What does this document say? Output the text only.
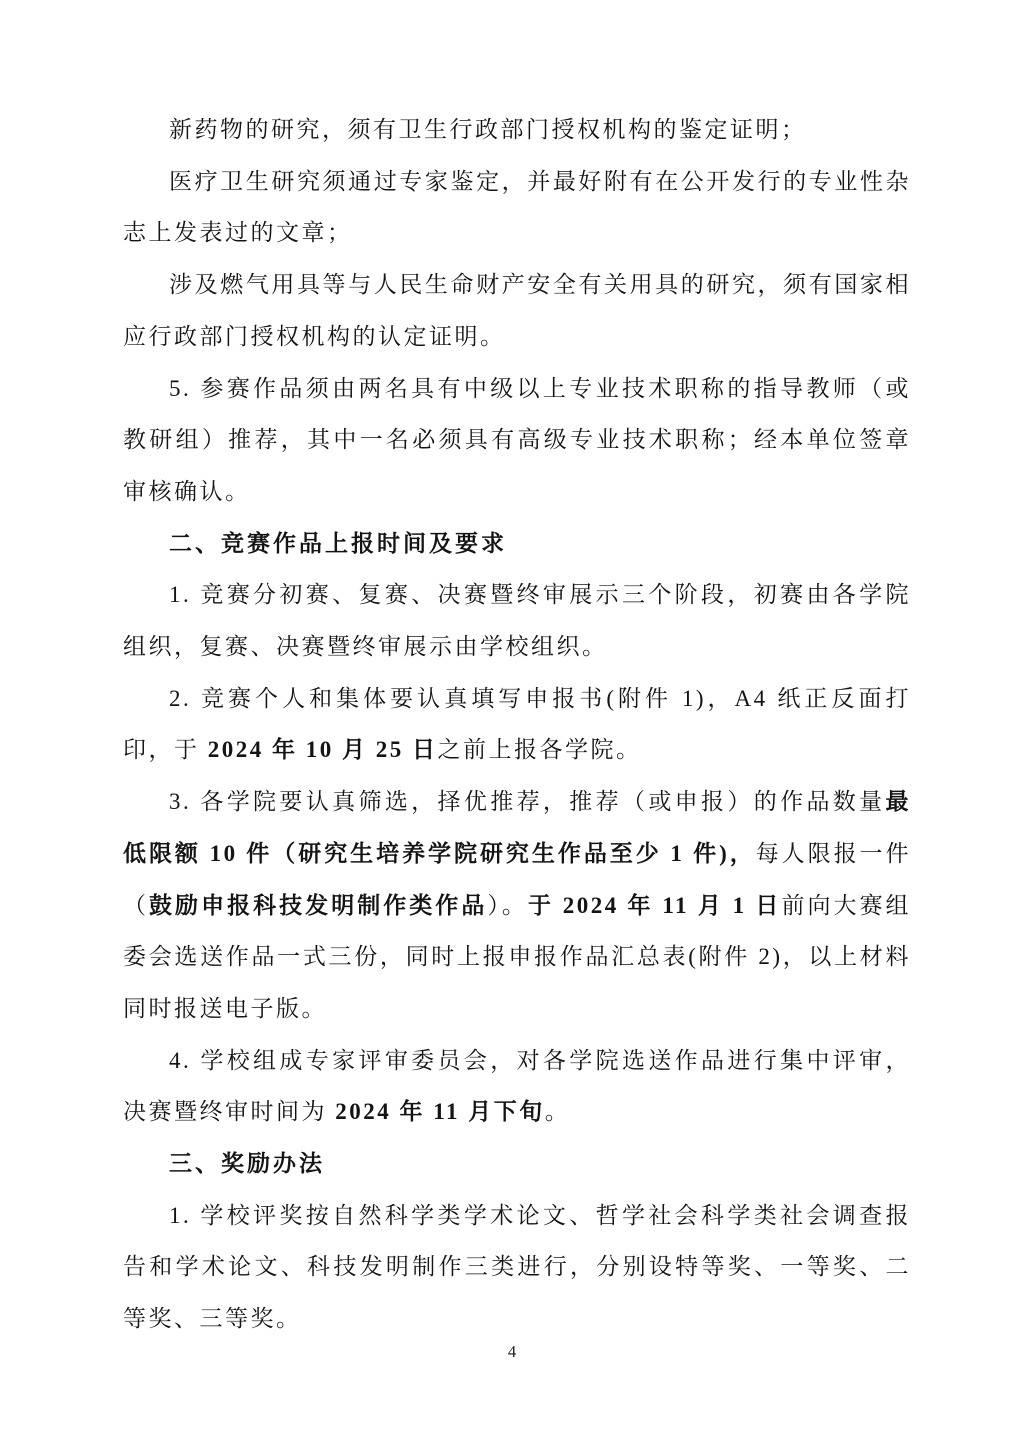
新药物的研究，须有卫生行政部门授权机构的鉴定证明；

医疗卫生研究须通过专家鉴定，并最好附有在公开发行的专业性杂志上发表过的文章；

涉及燃气用具等与人民生命财产安全有关用具的研究，须有国家相应行政部门授权机构的认定证明。

5. 参赛作品须由两名具有中级以上专业技术职称的指导教师（或教研组）推荐，其中一名必须具有高级专业技术职称；经本单位签章审核确认。

二、竞赛作品上报时间及要求

1. 竞赛分初赛、复赛、决赛暨终审展示三个阶段，初赛由各学院组织，复赛、决赛暨终审展示由学校组织。

2. 竞赛个人和集体要认真填写申报书(附件 1)，A4 纸正反面打印，于 2024 年 10 月 25 日之前上报各学院。

3. 各学院要认真筛选，择优推荐，推荐（或申报）的作品数量最低限额 10 件（研究生培养学院研究生作品至少 1 件)，每人限报一件（鼓励申报科技发明制作类作品）。于 2024 年 11 月 1 日前向大赛组委会选送作品一式三份，同时上报申报作品汇总表(附件 2)，以上材料同时报送电子版。

4. 学校组成专家评审委员会，对各学院选送作品进行集中评审，决赛暨终审时间为 2024 年 11 月下旬。

三、奖励办法

1. 学校评奖按自然科学类学术论文、哲学社会科学类社会调查报告和学术论文、科技发明制作三类进行，分别设特等奖、一等奖、二等奖、三等奖。

4
